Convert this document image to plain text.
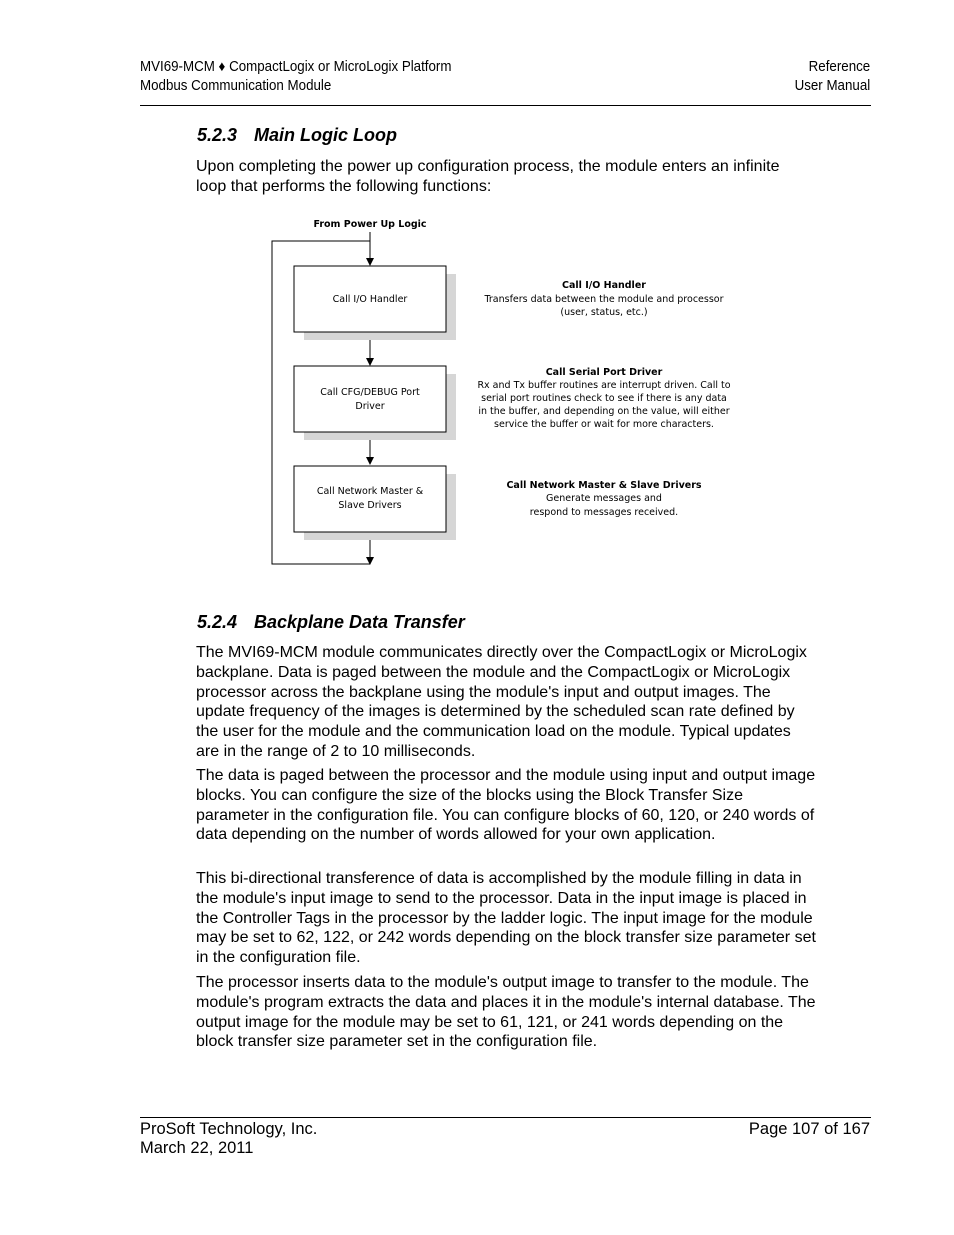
MVI69-MCM ♦ CompactLogix or MicroLogix Platform
Modbus Communication Module
Reference
User Manual
5.2.3 Main Logic Loop

Upon completing the power up configuration process, the module enters an infinite loop that performs the following functions:

From Power Up Logic
Call I/O Handler
Call CFG/DEBUG Port
Driver
Call Network Master &
Slave Drivers
Call I/O Handler
Transfers data between the module and processor
(user, status, etc.)
Call Serial Port Driver
Rx and Tx buffer routines are interrupt driven. Call to
serial port routines check to see if there is any data
in the buffer, and depending on the value, will either
service the buffer or wait for more characters.
Call Network Master & Slave Drivers
Generate messages and
respond to messages received.
5.2.4 Backplane Data Transfer

The MVI69-MCM module communicates directly over the CompactLogix or MicroLogix backplane. Data is paged between the module and the CompactLogix or MicroLogix processor across the backplane using the module's input and output images. The update frequency of the images is determined by the scheduled scan rate defined by the user for the module and the communication load on the module. Typical updates are in the range of 2 to 10 milliseconds.

The data is paged between the processor and the module using input and output image blocks. You can configure the size of the blocks using the Block Transfer Size parameter in the configuration file. You can configure blocks of 60, 120, or 240 words of data depending on the number of words allowed for your own application.

This bi-directional transference of data is accomplished by the module filling in data in the module's input image to send to the processor. Data in the input image is placed in the Controller Tags in the processor by the ladder logic. The input image for the module may be set to 62, 122, or 242 words depending on the block transfer size parameter set in the configuration file.

The processor inserts data to the module's output image to transfer to the module. The module's program extracts the data and places it in the module's internal database. The output image for the module may be set to 61, 121, or 241 words depending on the block transfer size parameter set in the configuration file.

ProSoft Technology, Inc.
March 22, 2011
Page 107 of 167
